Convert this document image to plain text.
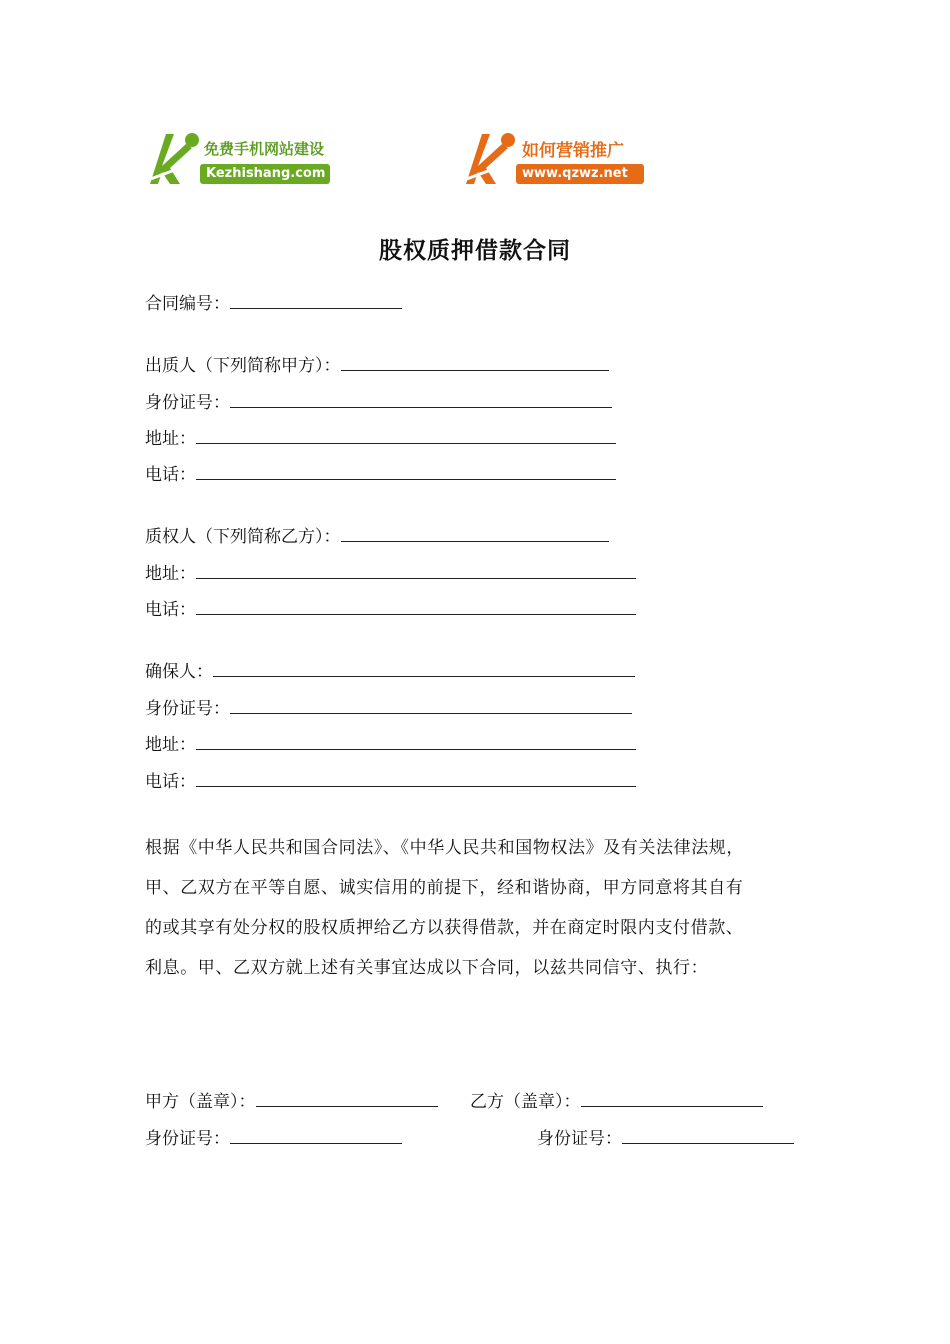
免费手机网站建设
Kezhishang.com
如何营销推广
www.qzwz.net
股权质押借款合同
合同编号：
出质人（下列简称甲方）：
身份证号：
地址：
电话：
质权人（下列简称乙方）：
地址：
电话：
确保人：
身份证号：
地址：
电话：
根据《中华人民共和国合同法》、《中华人民共和国物权法》及有关法律法规，
甲、乙双方在平等自愿、诚实信用的前提下，经和谐协商，甲方同意将其自有
的或其享有处分权的股权质押给乙方以获得借款，并在商定时限内支付借款、
利息。甲、乙双方就上述有关事宜达成以下合同，以兹共同信守、执行：
甲方（盖章）：	乙方（盖章）：
身份证号：	身份证号：
